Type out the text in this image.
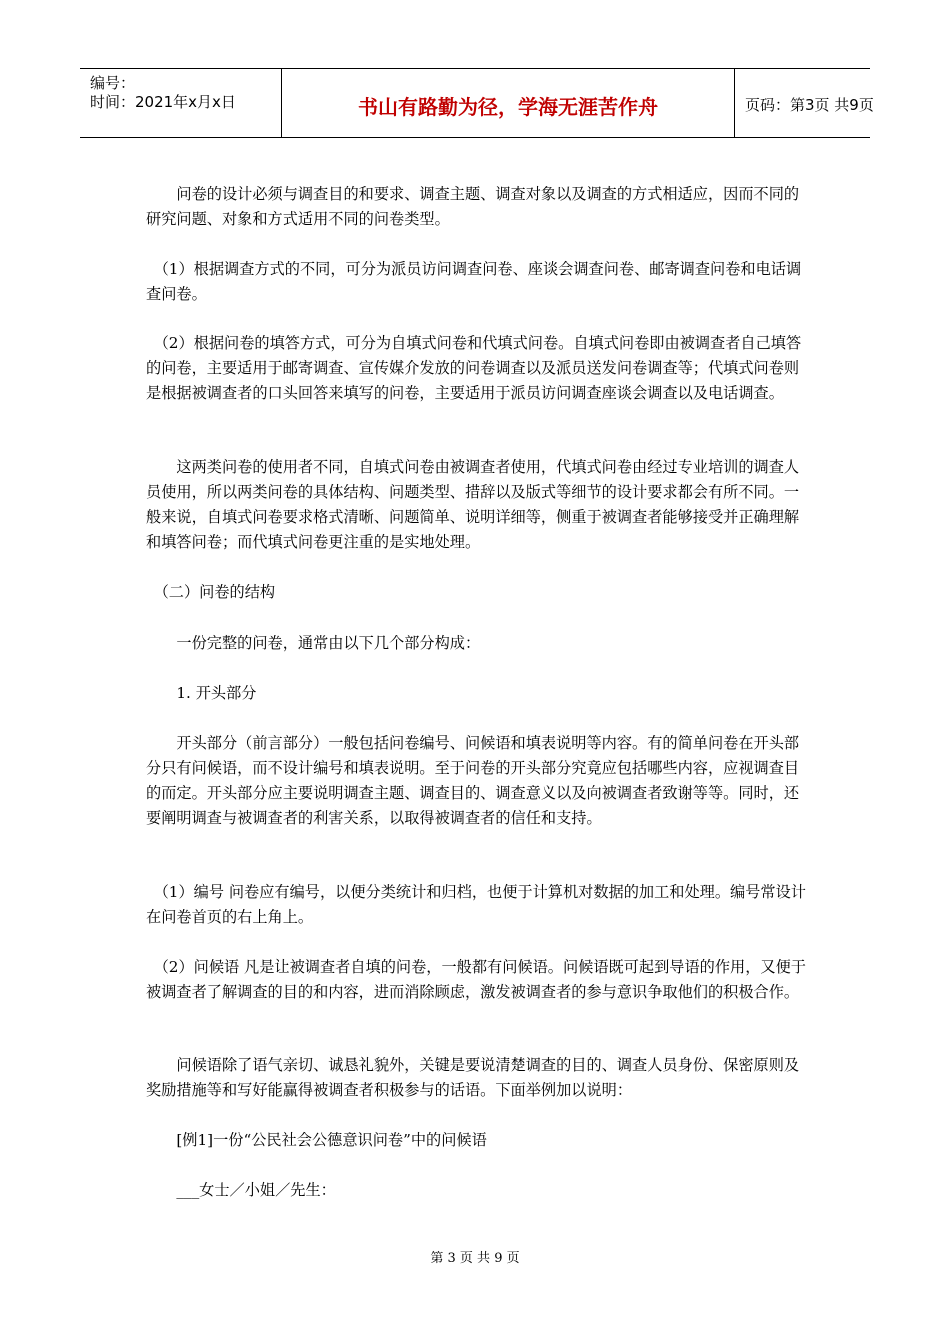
编号：
时间：2021年x月x日	书山有路勤为径，学海无涯苦作舟	页码：第3页 共9页

　　问卷的设计必须与调查目的和要求、调查主题、调查对象以及调查的方式相适应，因而不同的研究问题、对象和方式适用不同的问卷类型。

　（1）根据调查方式的不同，可分为派员访问调查问卷、座谈会调查问卷、邮寄调查问卷和电话调查问卷。

　（2）根据问卷的填答方式，可分为自填式问卷和代填式问卷。自填式问卷即由被调查者自己填答的问卷，主要适用于邮寄调查、宣传媒介发放的问卷调查以及派员送发问卷调查等；代填式问卷则是根据被调查者的口头回答来填写的问卷，主要适用于派员访问调查座谈会调查以及电话调查。

　　这两类问卷的使用者不同，自填式问卷由被调查者使用，代填式问卷由经过专业培训的调查人员使用，所以两类问卷的具体结构、问题类型、措辞以及版式等细节的设计要求都会有所不同。一般来说，自填式问卷要求格式清晰、问题简单、说明详细等，侧重于被调查者能够接受并正确理解和填答问卷；而代填式问卷更注重的是实地处理。

　（二）问卷的结构

　　一份完整的问卷，通常由以下几个部分构成：

　　1. 开头部分

　　开头部分（前言部分）一般包括问卷编号、问候语和填表说明等内容。有的简单问卷在开头部分只有问候语，而不设计编号和填表说明。至于问卷的开头部分究竟应包括哪些内容，应视调查目的而定。开头部分应主要说明调查主题、调查目的、调查意义以及向被调查者致谢等等。同时，还要阐明调查与被调查者的利害关系，以取得被调查者的信任和支持。

　（1）编号 问卷应有编号，以便分类统计和归档，也便于计算机对数据的加工和处理。编号常设计在问卷首页的右上角上。

　（2）问候语 凡是让被调查者自填的问卷，一般都有问候语。问候语既可起到导语的作用，又便于被调查者了解调查的目的和内容，进而消除顾虑，激发被调查者的参与意识争取他们的积极合作。

　　问候语除了语气亲切、诚恳礼貌外，关键是要说清楚调查的目的、调查人员身份、保密原则及奖励措施等和写好能赢得被调查者积极参与的话语。下面举例加以说明：

　　[例1]一份“公民社会公德意识问卷”中的问候语

　　___女士／小姐／先生：

第 3 页 共 9 页
